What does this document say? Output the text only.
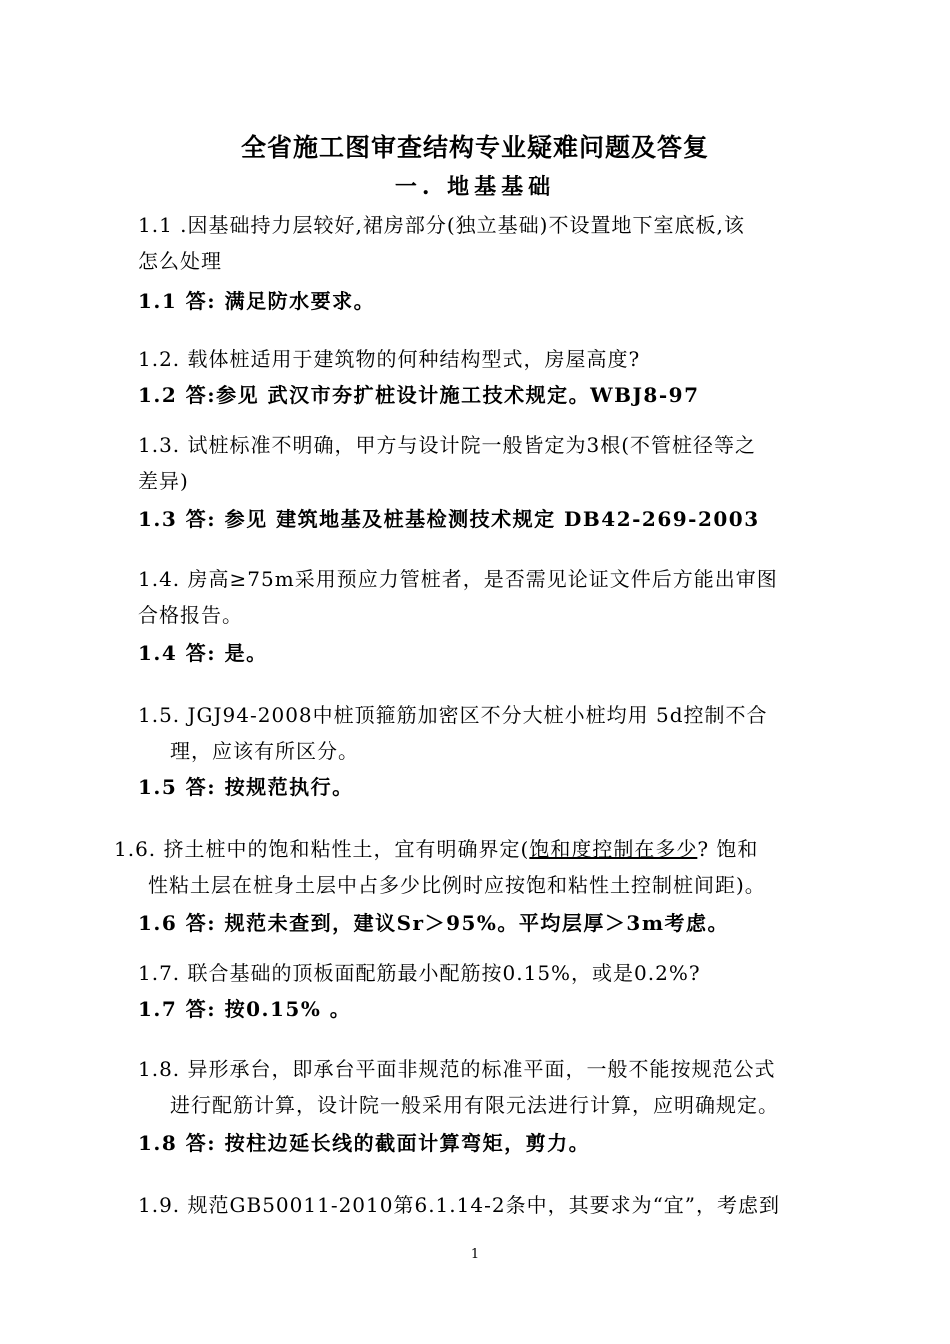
全省施工图审查结构专业疑难问题及答复
一. 地基基础

1.1 .因基础持力层较好,裙房部分(独立基础)不设置地下室底板,该

怎么处理

1.1 答: 满足防水要求。

1.2. 载体桩适用于建筑物的何种结构型式，房屋高度?

1.2 答:参见 武汉市夯扩桩设计施工技术规定。WBJ8-97

1.3. 试桩标准不明确，甲方与设计院一般皆定为3根(不管桩径等之

差异)

1.3 答: 参见 建筑地基及桩基检测技术规定 DB42-269-2003

1.4. 房高≥75m采用预应力管桩者，是否需见论证文件后方能出审图

合格报告。

1.4 答: 是。

1.5. JGJ94-2008中桩顶箍筋加密区不分大桩小桩均用 5d控制不合

理，应该有所区分。

1.5 答: 按规范执行。

1.6. 挤土桩中的饱和粘性土，宜有明确界定(饱和度控制在多少? 饱和

性粘土层在桩身土层中占多少比例时应按饱和粘性土控制桩间距)。

1.6 答: 规范未查到，建议Sr＞95%。平均层厚＞3m考虑。

1.7. 联合基础的顶板面配筋最小配筋按0.15%，或是0.2%?

1.7 答: 按0.15% 。

1.8. 异形承台，即承台平面非规范的标准平面，一般不能按规范公式

进行配筋计算，设计院一般采用有限元法进行计算，应明确规定。

1.8 答: 按柱边延长线的截面计算弯矩，剪力。

1.9. 规范GB50011-2010第6.1.14-2条中，其要求为“宜”，考虑到

1
